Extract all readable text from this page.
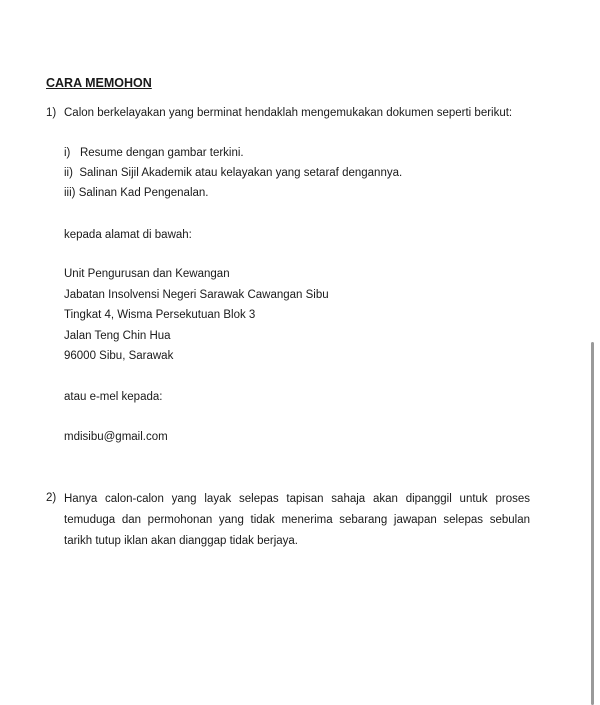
CARA MEMOHON
1) Calon berkelayakan yang berminat hendaklah mengemukakan dokumen seperti berikut:
i)   Resume dengan gambar terkini.
ii)  Salinan Sijil Akademik atau kelayakan yang setaraf dengannya.
iii) Salinan Kad Pengenalan.
kepada alamat di bawah:
Unit Pengurusan dan Kewangan
Jabatan Insolvensi Negeri Sarawak Cawangan Sibu
Tingkat 4, Wisma Persekutuan Blok 3
Jalan Teng Chin Hua
96000 Sibu, Sarawak
atau e-mel kepada:
mdisibu@gmail.com
2) Hanya calon-calon yang layak selepas tapisan sahaja akan dipanggil untuk proses temuduga dan permohonan yang tidak menerima sebarang jawapan selepas sebulan tarikh tutup iklan akan dianggap tidak berjaya.
